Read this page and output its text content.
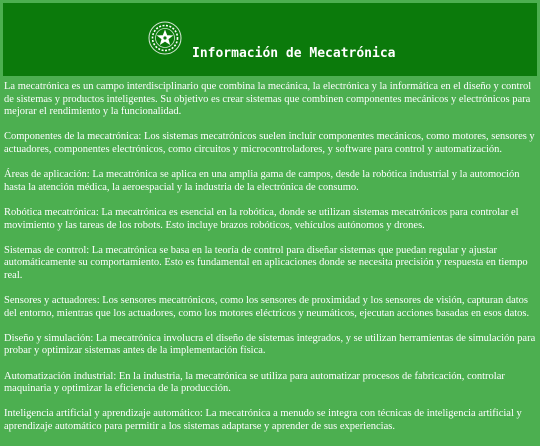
Información de Mecatrónica

La mecatrónica es un campo interdisciplinario que combina la mecánica, la electrónica y la informática en el diseño y control de sistemas y productos inteligentes. Su objetivo es crear sistemas que combinen componentes mecánicos y electrónicos para mejorar el rendimiento y la funcionalidad.

Componentes de la mecatrónica: Los sistemas mecatrónicos suelen incluir componentes mecánicos, como motores, sensores y actuadores, componentes electrónicos, como circuitos y microcontroladores, y software para control y automatización.

Áreas de aplicación: La mecatrónica se aplica en una amplia gama de campos, desde la robótica industrial y la automoción hasta la atención médica, la aeroespacial y la industria de la electrónica de consumo.

Robótica mecatrónica: La mecatrónica es esencial en la robótica, donde se utilizan sistemas mecatrónicos para controlar el movimiento y las tareas de los robots. Esto incluye brazos robóticos, vehículos autónomos y drones.

Sistemas de control: La mecatrónica se basa en la teoría de control para diseñar sistemas que puedan regular y ajustar automáticamente su comportamiento. Esto es fundamental en aplicaciones donde se necesita precisión y respuesta en tiempo real.

Sensores y actuadores: Los sensores mecatrónicos, como los sensores de proximidad y los sensores de visión, capturan datos del entorno, mientras que los actuadores, como los motores eléctricos y neumáticos, ejecutan acciones basadas en esos datos.

Diseño y simulación: La mecatrónica involucra el diseño de sistemas integrados, y se utilizan herramientas de simulación para probar y optimizar sistemas antes de la implementación física.

Automatización industrial: En la industria, la mecatrónica se utiliza para automatizar procesos de fabricación, controlar maquinaria y optimizar la eficiencia de la producción.

Inteligencia artificial y aprendizaje automático: La mecatrónica a menudo se integra con técnicas de inteligencia artificial y aprendizaje automático para permitir a los sistemas adaptarse y aprender de sus experiencias.
